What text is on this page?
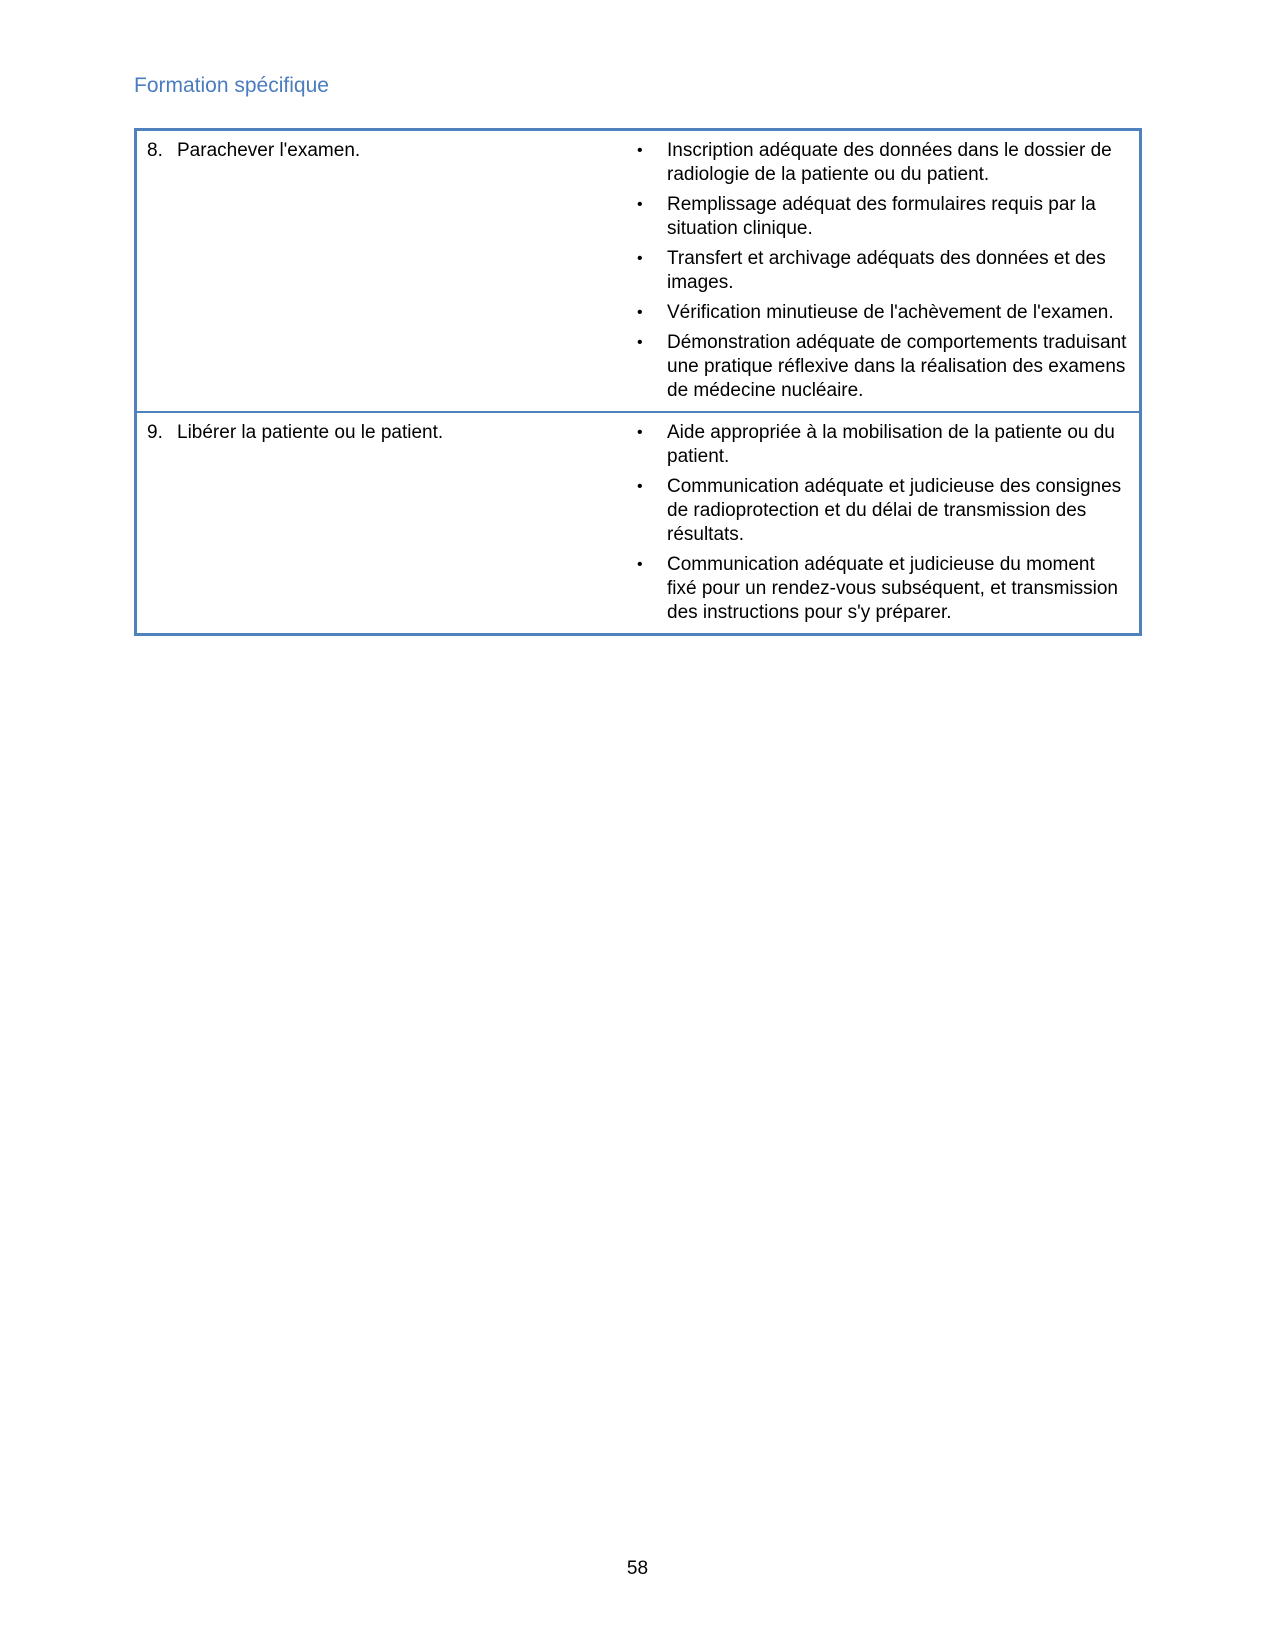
Formation spécifique
8. Parachever l'examen.	•	Inscription adéquate des données dans le dossier de radiologie de la patiente ou du patient.
•	Remplissage adéquat des formulaires requis par la situation clinique.
•	Transfert et archivage adéquats des données et des images.
•	Vérification minutieuse de l'achèvement de l'examen.
•	Démonstration adéquate de comportements traduisant une pratique réflexive dans la réalisation des examens de médecine nucléaire.
9. Libérer la patiente ou le patient.	•	Aide appropriée à la mobilisation de la patiente ou du patient.
•	Communication adéquate et judicieuse des consignes de radioprotection et du délai de transmission des résultats.
•	Communication adéquate et judicieuse du moment fixé pour un rendez-vous subséquent, et transmission des instructions pour s'y préparer.
58
